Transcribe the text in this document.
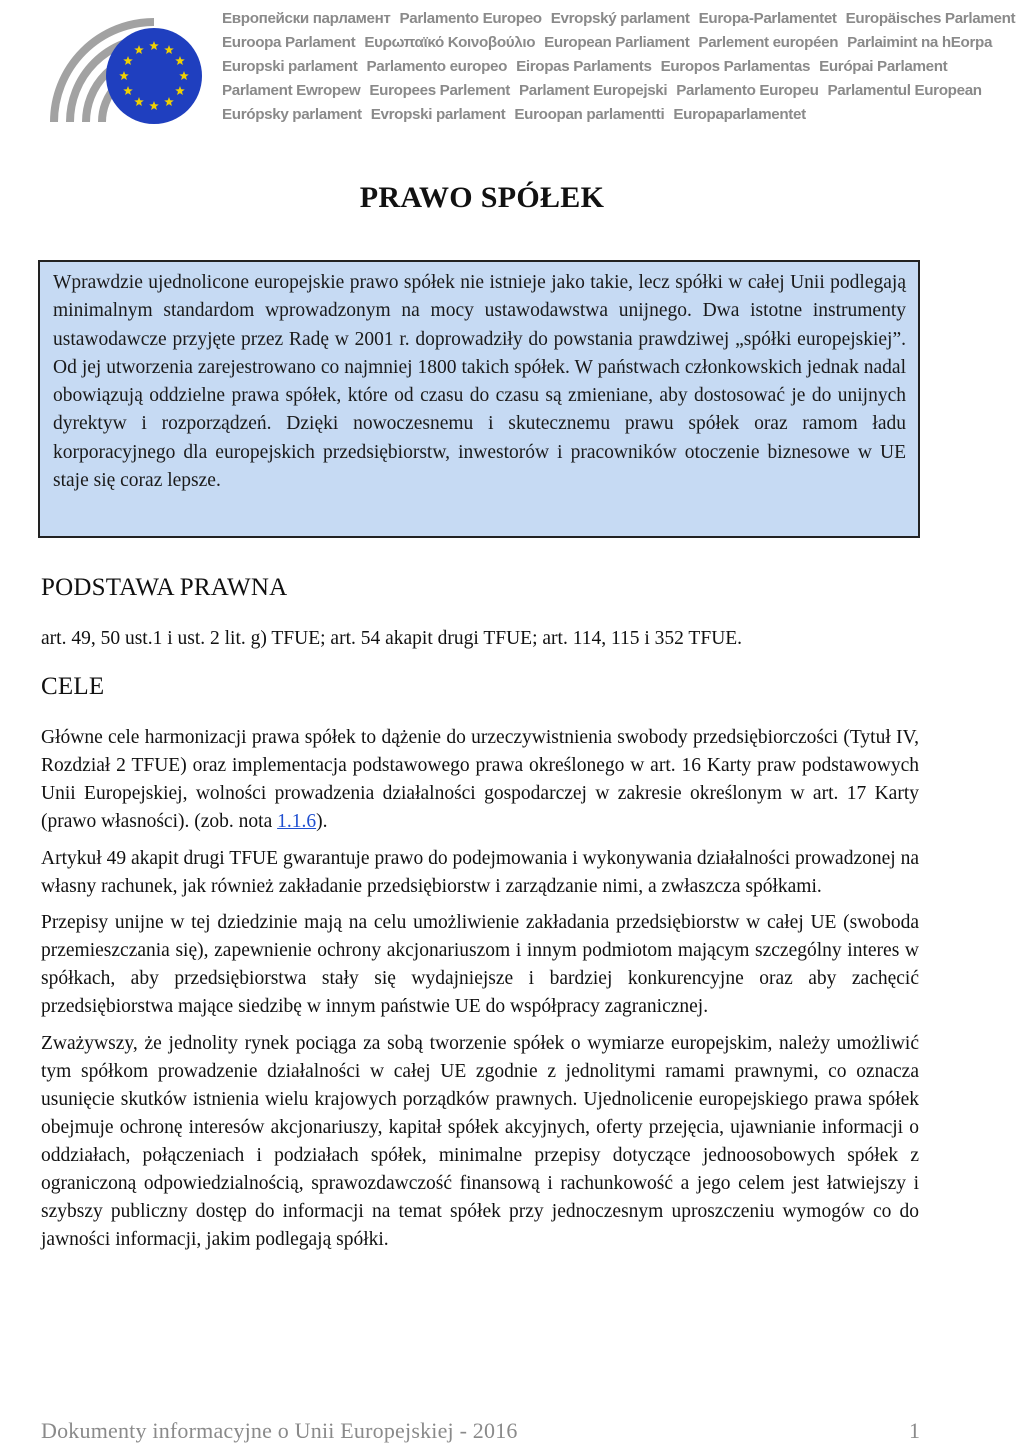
Европейски парламент Parlamento Europeo Evropský parlament Europa-Parlamentet Europäisches Parlament
Euroopa Parlament Ευρωπαϊκό Κοινοβούλιο European Parliament Parlement européen Parlaimint na hEorpa
Europski parlament Parlamento europeo Eiropas Parlaments Europos Parlamentas Európai Parlament
Parlament Ewropew Europees Parlement Parlament Europejski Parlamento Europeu Parlamentul European
Európsky parlament Evropski parlament Euroopan parlamentti Europaparlamentet
PRAWO SPÓŁEK

Wprawdzie ujednolicone europejskie prawo spółek nie istnieje jako takie, lecz spółki w całej Unii podlegają minimalnym standardom wprowadzonym na mocy ustawodawstwa unijnego. Dwa istotne instrumenty ustawodawcze przyjęte przez Radę w 2001 r. doprowadziły do powstania prawdziwej „spółki europejskiej”. Od jej utworzenia zarejestrowano co najmniej 1800 takich spółek. W państwach członkowskich jednak nadal obowiązują oddzielne prawa spółek, które od czasu do czasu są zmieniane, aby dostosować je do unijnych dyrektyw i rozporządzeń. Dzięki nowoczesnemu i skutecznemu prawu spółek oraz ramom ładu korporacyjnego dla europejskich przedsiębiorstw, inwestorów i pracowników otoczenie biznesowe w UE staje się coraz lepsze.

PODSTAWA PRAWNA

art. 49, 50 ust.1 i ust. 2 lit. g) TFUE; art. 54 akapit drugi TFUE; art. 114, 115 i 352 TFUE.

CELE

Główne cele harmonizacji prawa spółek to dążenie do urzeczywistnienia swobody przedsiębiorczości (Tytuł IV, Rozdział 2 TFUE) oraz implementacja podstawowego prawa określonego w art. 16 Karty praw podstawowych Unii Europejskiej, wolności prowadzenia działalności gospodarczej w zakresie określonym w art. 17 Karty (prawo własności). (zob. nota 1.1.6).

Artykuł 49 akapit drugi TFUE gwarantuje prawo do podejmowania i wykonywania działalności prowadzonej na własny rachunek, jak również zakładanie przedsiębiorstw i zarządzanie nimi, a zwłaszcza spółkami.

Przepisy unijne w tej dziedzinie mają na celu umożliwienie zakładania przedsiębiorstw w całej UE (swoboda przemieszczania się), zapewnienie ochrony akcjonariuszom i innym podmiotom mającym szczególny interes w spółkach, aby przedsiębiorstwa stały się wydajniejsze i bardziej konkurencyjne oraz aby zachęcić przedsiębiorstwa mające siedzibę w innym państwie UE do współpracy zagranicznej.

Zważywszy, że jednolity rynek pociąga za sobą tworzenie spółek o wymiarze europejskim, należy umożliwić tym spółkom prowadzenie działalności w całej UE zgodnie z jednolitymi ramami prawnymi, co oznacza usunięcie skutków istnienia wielu krajowych porządków prawnych. Ujednolicenie europejskiego prawa spółek obejmuje ochronę interesów akcjonariuszy, kapitał spółek akcyjnych, oferty przejęcia, ujawnianie informacji o oddziałach, połączeniach i podziałach spółek, minimalne przepisy dotyczące jednoosobowych spółek z ograniczoną odpowiedzialnością, sprawozdawczość finansową i rachunkowość a jego celem jest łatwiejszy i szybszy publiczny dostęp do informacji na temat spółek przy jednoczesnym uproszczeniu wymogów co do jawności informacji, jakim podlegają spółki.

Dokumenty informacyjne o Unii Europejskiej - 2016	1
